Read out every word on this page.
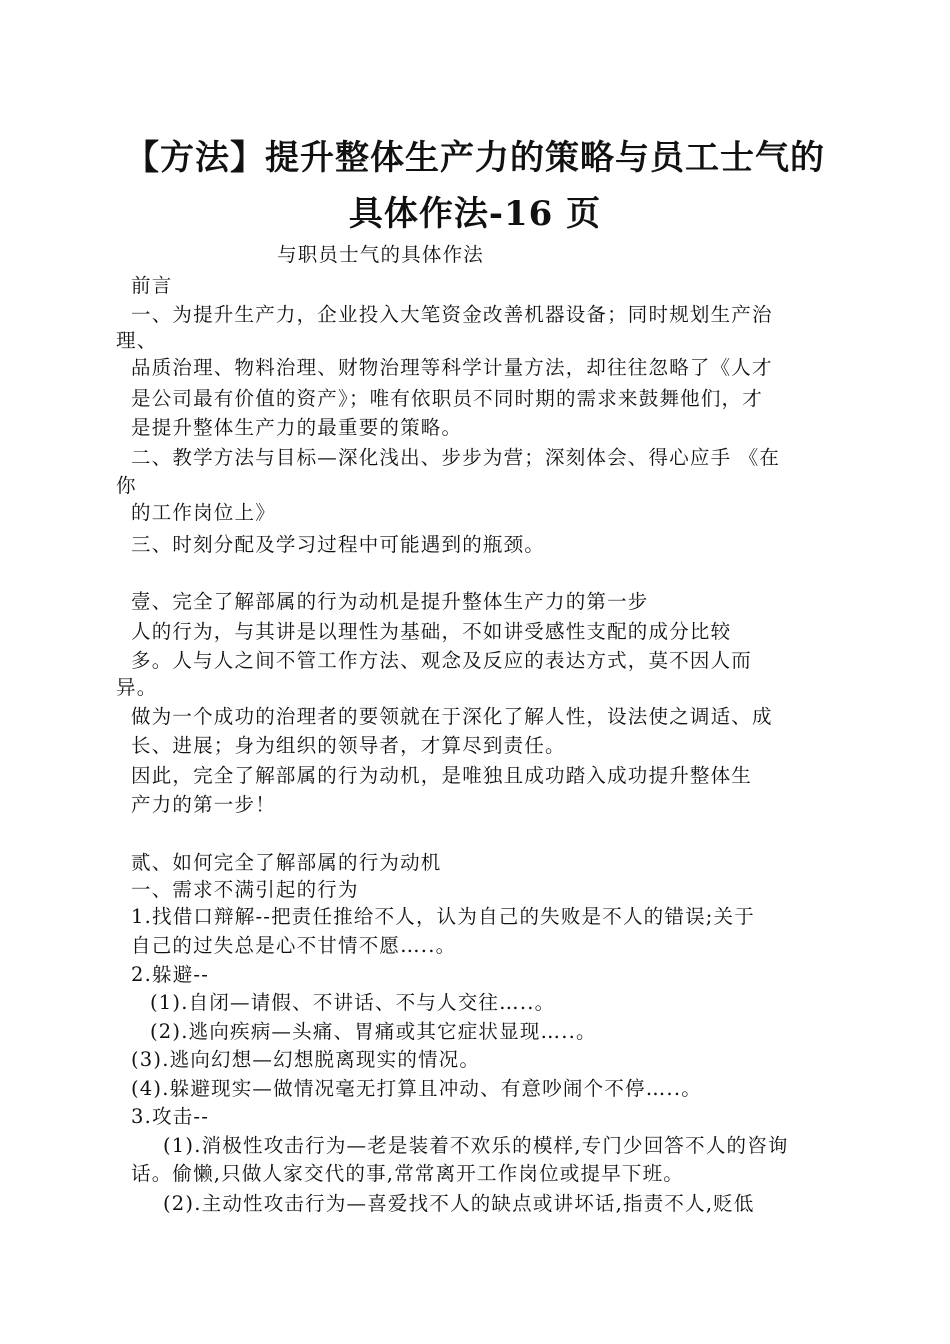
【方法】提升整体生产力的策略与员工士气的
具体作法-16 页
与职员士气的具体作法
前言
一、为提升生产力，企业投入大笔资金改善机器设备；同时规划生产治
理、
品质治理、物料治理、财物治理等科学计量方法，却往往忽略了《人才
是公司最有价值的资产》；唯有依职员不同时期的需求来鼓舞他们，才
是提升整体生产力的最重要的策略。
二、教学方法与目标—深化浅出、步步为营；深刻体会、得心应手 《在
你
的工作岗位上》
三、时刻分配及学习过程中可能遇到的瓶颈。
壹、完全了解部属的行为动机是提升整体生产力的第一步
人的行为，与其讲是以理性为基础，不如讲受感性支配的成分比较
多。人与人之间不管工作方法、观念及反应的表达方式，莫不因人而
异。
做为一个成功的治理者的要领就在于深化了解人性，设法使之调适、成
长、进展；身为组织的领导者，才算尽到责任。
因此，完全了解部属的行为动机，是唯独且成功踏入成功提升整体生
产力的第一步！
贰、如何完全了解部属的行为动机
一、需求不满引起的行为
1.找借口辩解--把责任推给不人，认为自己的失败是不人的错误;关于
自己的过失总是心不甘情不愿…..。
2.躲避--
(1).自闭—请假、不讲话、不与人交往…..。
(2).逃向疾病—头痛、胃痛或其它症状显现…..。
(3).逃向幻想—幻想脱离现实的情况。
(4).躲避现实—做情况毫无打算且冲动、有意吵闹个不停…..。
3.攻击--
(1).消极性攻击行为—老是装着不欢乐的模样,专门少回答不人的咨询
话。偷懒,只做人家交代的事,常常离开工作岗位或提早下班。
(2).主动性攻击行为—喜爱找不人的缺点或讲坏话,指责不人,贬低
